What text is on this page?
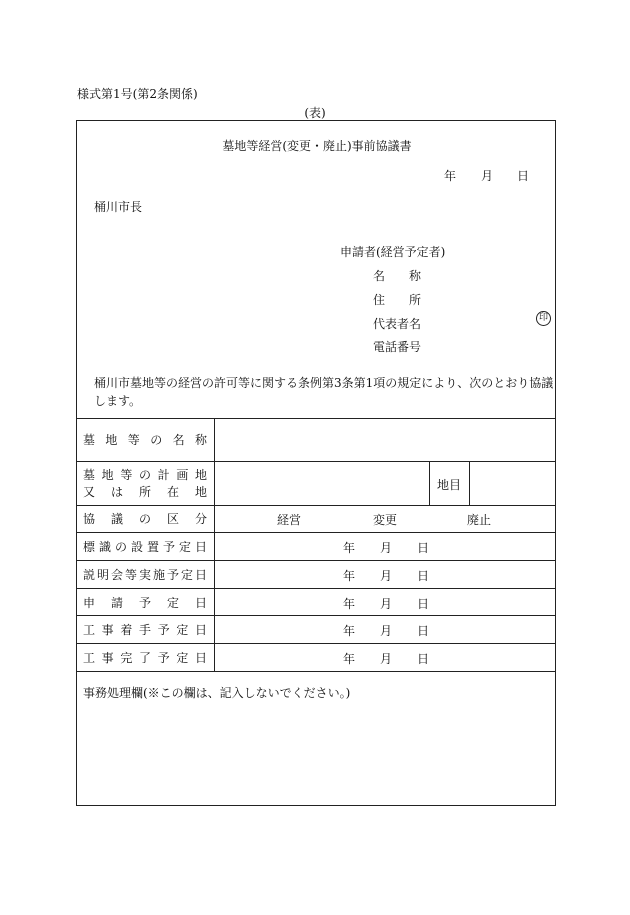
様式第1号(第2条関係)
(表)
墓地等経営(変更・廃止)事前協議書
年 月 日
桶川市長
申請者(経営予定者)
名 称
住 所
代表者名	印
電話番号
桶川市墓地等の経営の許可等に関する条例第3条第1項の規定により、次のとおり協議します。
墓地等の名称
墓地等の計画地
又は所在地	地目
協議の区分	経営	変更	廃止
標識の設置予定日	年 月 日
説明会等実施予定日	年 月 日
申請予定日	年 月 日
工事着手予定日	年 月 日
工事完了予定日	年 月 日
事務処理欄(※この欄は、記入しないでください。)
